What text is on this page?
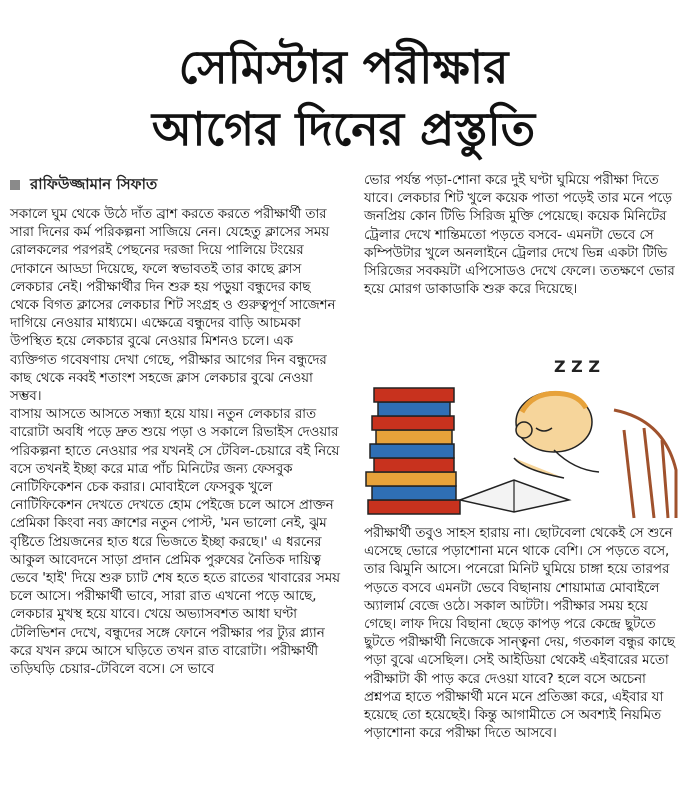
সেমিস্টার পরীক্ষার
আগের দিনের প্রস্তুতি
রাফিউজ্জামান সিফাত

সকালে ঘুম থেকে উঠে দাঁত ব্রাশ করতে করতে পরীক্ষার্থী তার সারা দিনের কর্ম পরিকল্পনা সাজিয়ে নেন। যেহেতু ক্লাসের সময় রোলকলের পরপরই পেছনের দরজা দিয়ে পালিয়ে টংয়ের দোকানে আড্ডা দিয়েছে, ফলে স্বভাবতই তার কাছে ক্লাস লেকচার নেই। পরীক্ষার্থীর দিন শুরু হয় পড়ুয়া বন্ধুদের কাছ থেকে বিগত ক্লাসের লেকচার শিট সংগ্রহ ও গুরুত্বপূর্ণ সাজেশন দাগিয়ে নেওয়ার মাধ্যমে। এক্ষেত্রে বন্ধুদের বাড়ি আচমকা উপস্থিত হয়ে লেকচার বুঝে নেওয়ার মিশনও চলে। এক ব্যক্তিগত গবেষণায় দেখা গেছে, পরীক্ষার আগের দিন বন্ধুদের কাছ থেকে নব্বই শতাংশ সহজে ক্লাস লেকচার বুঝে নেওয়া সম্ভব।

বাসায় আসতে আসতে সন্ধ্যা হয়ে যায়। নতুন লেকচার রাত বারোটা অবধি পড়ে দ্রুত শুয়ে পড়া ও সকালে রিভাইস দেওয়ার পরিকল্পনা হাতে নেওয়ার পর যখনই সে টেবিল-চেয়ারে বই নিয়ে বসে তখনই ইচ্ছা করে মাত্র পাঁচ মিনিটের জন্য ফেসবুক নোটিফিকেশন চেক করার। মোবাইলে ফেসবুক খুলে নোটিফিকেশন দেখতে দেখতে হোম পেইজে চলে আসে প্রাক্তন প্রেমিকা কিংবা নব্য ক্রাশের নতুন পোস্ট, 'মন ভালো নেই, ঝুম বৃষ্টিতে প্রিয়জনের হাত ধরে ভিজতে ইচ্ছা করছে।' এ ধরনের আকুল আবেদনে সাড়া প্রদান প্রেমিক পুরুষের নৈতিক দায়িত্ব ভেবে 'হাই' দিয়ে শুরু চ্যাট শেষ হতে হতে রাতের খাবারের সময় চলে আসে। পরীক্ষার্থী ভাবে, সারা রাত এখনো পড়ে আছে, লেকচার মুখস্থ হয়ে যাবে। খেয়ে অভ্যাসবশত আধা ঘণ্টা টেলিভিশন দেখে, বন্ধুদের সঙ্গে ফোনে পরীক্ষার পর ট্যুর প্ল্যান করে যখন রুমে আসে ঘড়িতে তখন রাত বারোটা। পরীক্ষার্থী তড়িঘড়ি চেয়ার-টেবিলে বসে। সে ভাবে

ভোর পর্যন্ত পড়া-শোনা করে দুই ঘণ্টা ঘুমিয়ে পরীক্ষা দিতে যাবে। লেকচার শিট খুলে কয়েক পাতা পড়েই তার মনে পড়ে জনপ্রিয় কোন টিভি সিরিজ মুক্তি পেয়েছে। কয়েক মিনিটের ট্রেলার দেখে শান্তিমতো পড়তে বসবে- এমনটা ভেবে সে কম্পিউটার খুলে অনলাইনে ট্রেলার দেখে ভিন্ন একটা টিভি সিরিজের সবকয়টা এপিসোডও দেখে ফেলে। ততক্ষণে ভোর হয়ে মোরগ ডাকাডাকি শুরু করে দিয়েছে।

Z Z Z

পরীক্ষার্থী তবুও সাহস হারায় না। ছোটবেলা থেকেই সে শুনে এসেছে ভোরে পড়াশোনা মনে থাকে বেশি। সে পড়তে বসে, তার ঝিমুনি আসে। পনেরো মিনিট ঘুমিয়ে চাঙ্গা হয়ে তারপর পড়তে বসবে এমনটা ভেবে বিছানায় শোয়ামাত্র মোবাইলে অ্যালার্ম বেজে ওঠে। সকাল আটটা। পরীক্ষার সময় হয়ে গেছে। লাফ দিয়ে বিছানা ছেড়ে কাপড় পরে কেন্দ্রে ছুটতে ছুটতে পরীক্ষার্থী নিজেকে সান্ত্বনা দেয়, গতকাল বন্ধুর কাছে পড়া বুঝে এসেছিল। সেই আইডিয়া থেকেই এইবারের মতো পরীক্ষাটা কী পাড় করে দেওয়া যাবে? হলে বসে অচেনা প্রশ্নপত্র হাতে পরীক্ষার্থী মনে মনে প্রতিজ্ঞা করে, এইবার যা হয়েছে তো হয়েছেই। কিন্তু আগামীতে সে অবশ্যই নিয়মিত পড়াশোনা করে পরীক্ষা দিতে আসবে।
